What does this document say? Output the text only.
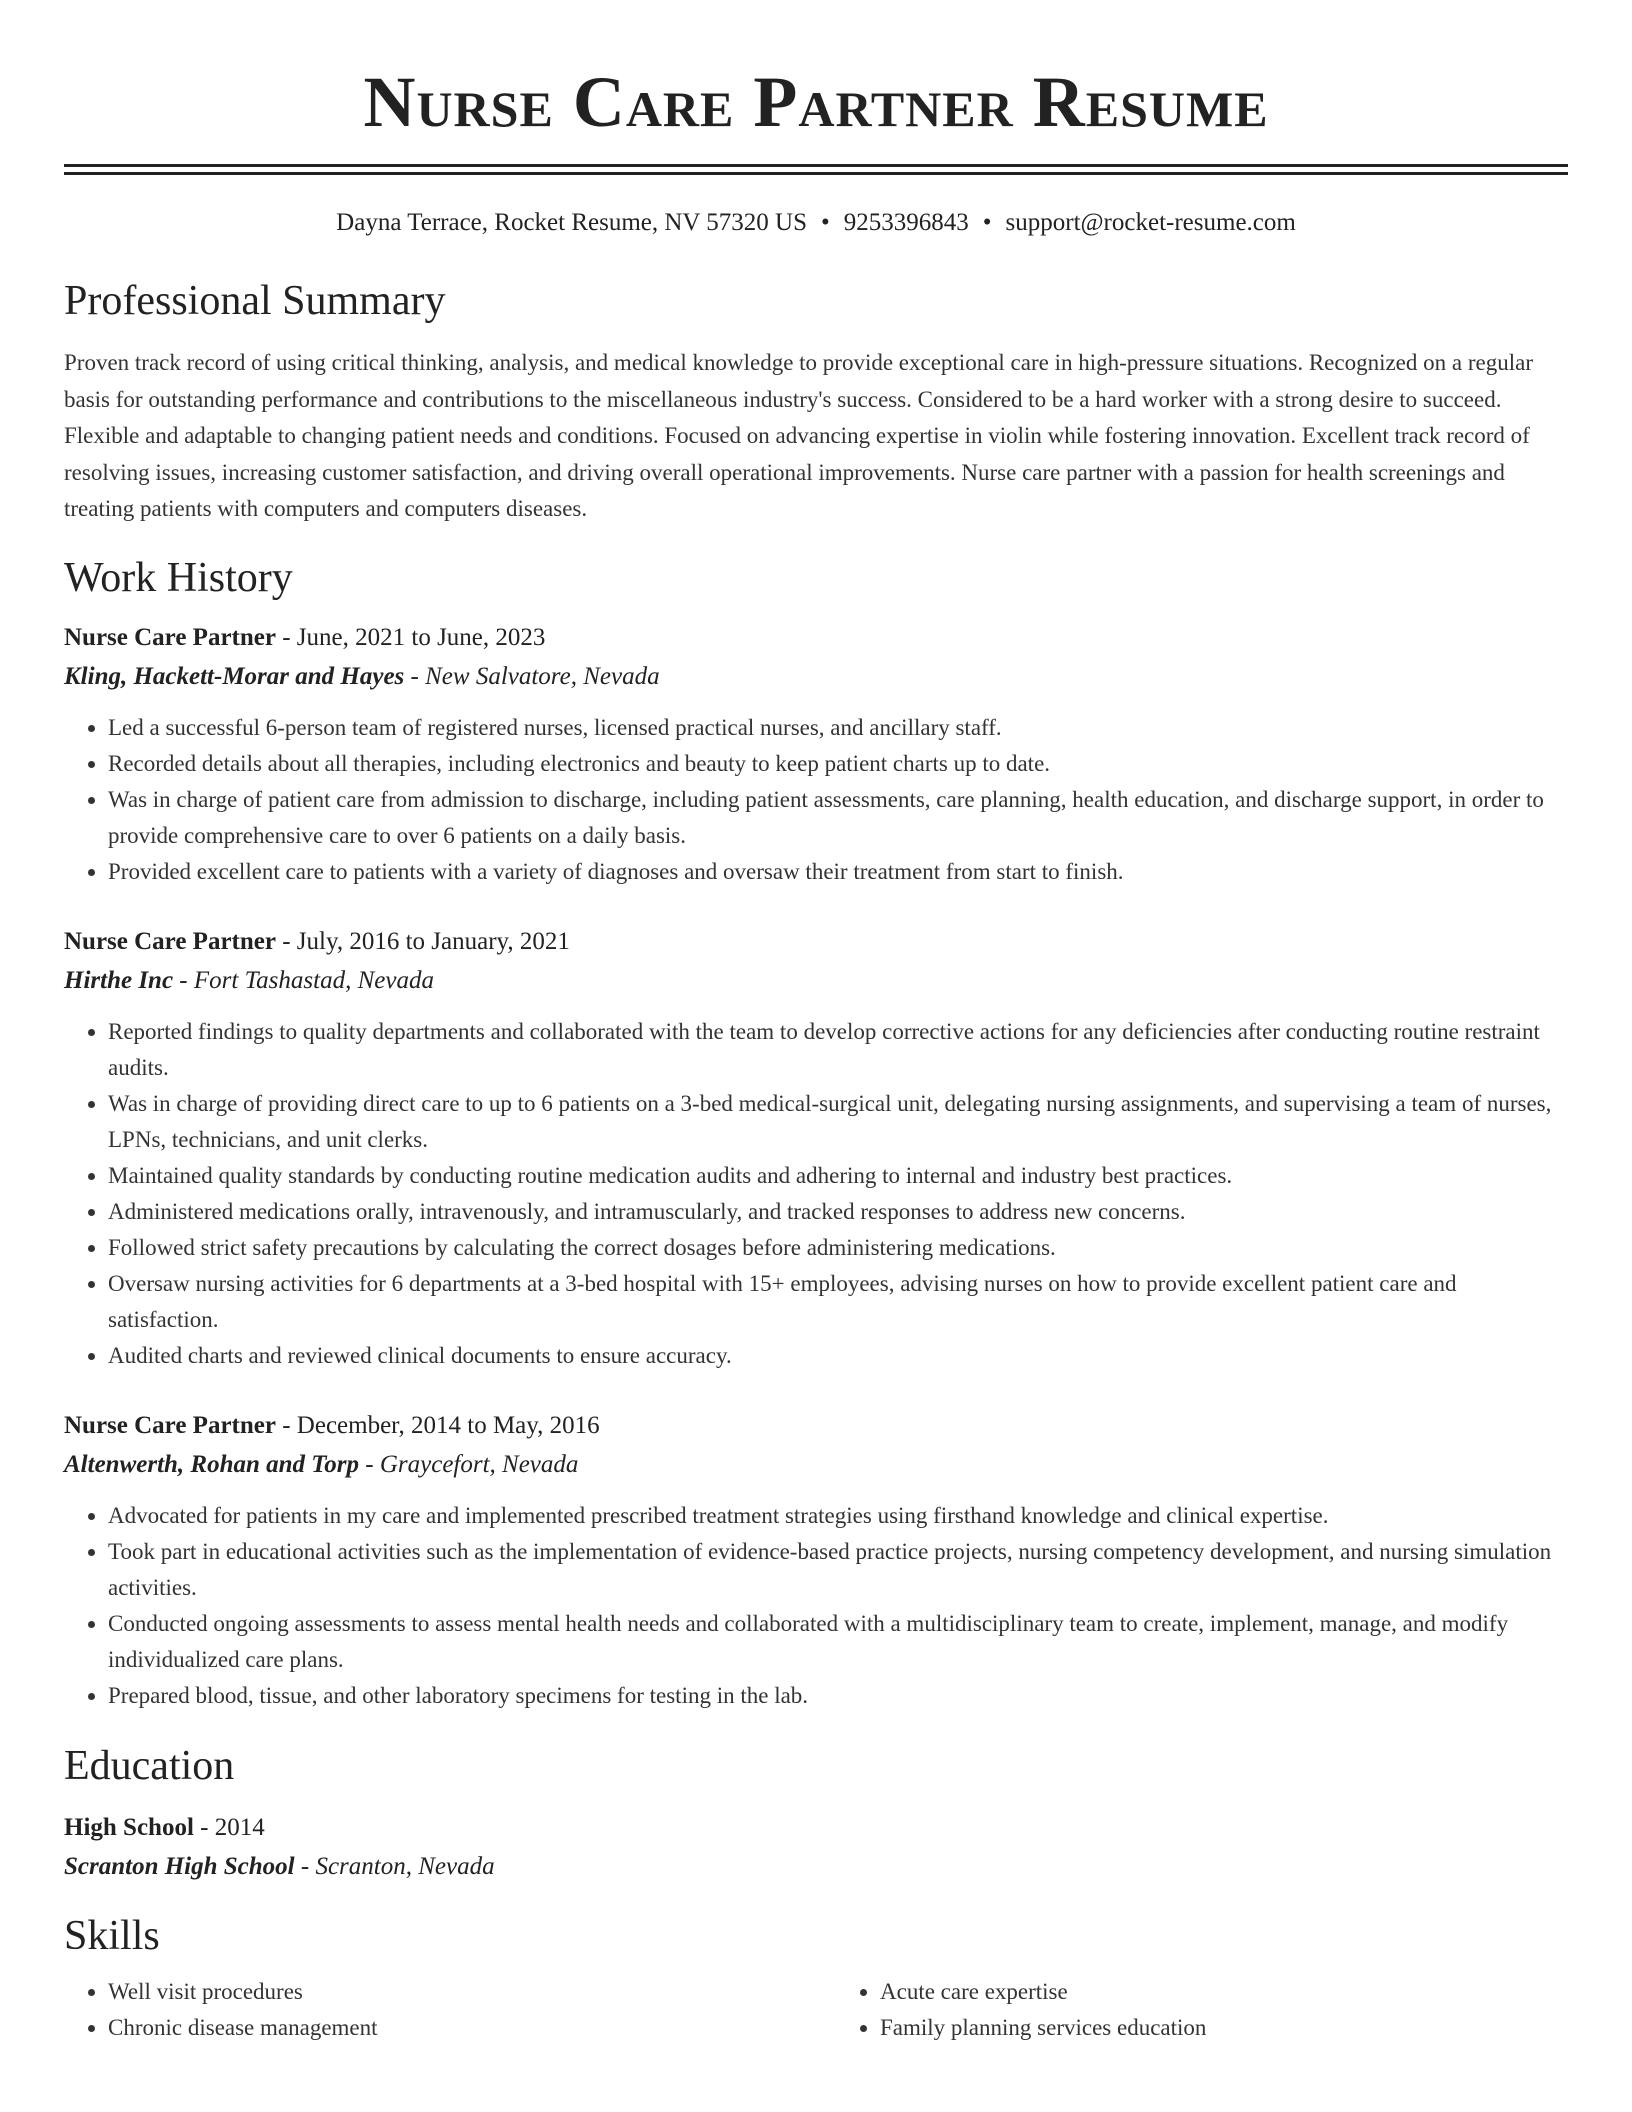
Nurse Care Partner Resume
Dayna Terrace, Rocket Resume, NV 57320 US • 9253396843 • support@rocket-resume.com
Professional Summary

Proven track record of using critical thinking, analysis, and medical knowledge to provide exceptional care in high-pressure situations. Recognized on a regular basis for outstanding performance and contributions to the miscellaneous industry's success. Considered to be a hard worker with a strong desire to succeed. Flexible and adaptable to changing patient needs and conditions. Focused on advancing expertise in violin while fostering innovation. Excellent track record of resolving issues, increasing customer satisfaction, and driving overall operational improvements. Nurse care partner with a passion for health screenings and treating patients with computers and computers diseases.

Work History
Nurse Care Partner - June, 2021 to June, 2023
Kling, Hackett-Morar and Hayes - New Salvatore, Nevada
• Led a successful 6-person team of registered nurses, licensed practical nurses, and ancillary staff.
• Recorded details about all therapies, including electronics and beauty to keep patient charts up to date.
• Was in charge of patient care from admission to discharge, including patient assessments, care planning, health education, and discharge support, in order to provide comprehensive care to over 6 patients on a daily basis.
• Provided excellent care to patients with a variety of diagnoses and oversaw their treatment from start to finish.
Nurse Care Partner - July, 2016 to January, 2021
Hirthe Inc - Fort Tashastad, Nevada
• Reported findings to quality departments and collaborated with the team to develop corrective actions for any deficiencies after conducting routine restraint audits.
• Was in charge of providing direct care to up to 6 patients on a 3-bed medical-surgical unit, delegating nursing assignments, and supervising a team of nurses, LPNs, technicians, and unit clerks.
• Maintained quality standards by conducting routine medication audits and adhering to internal and industry best practices.
• Administered medications orally, intravenously, and intramuscularly, and tracked responses to address new concerns.
• Followed strict safety precautions by calculating the correct dosages before administering medications.
• Oversaw nursing activities for 6 departments at a 3-bed hospital with 15+ employees, advising nurses on how to provide excellent patient care and satisfaction.
• Audited charts and reviewed clinical documents to ensure accuracy.
Nurse Care Partner - December, 2014 to May, 2016
Altenwerth, Rohan and Torp - Graycefort, Nevada
• Advocated for patients in my care and implemented prescribed treatment strategies using firsthand knowledge and clinical expertise.
• Took part in educational activities such as the implementation of evidence-based practice projects, nursing competency development, and nursing simulation activities.
• Conducted ongoing assessments to assess mental health needs and collaborated with a multidisciplinary team to create, implement, manage, and modify individualized care plans.
• Prepared blood, tissue, and other laboratory specimens for testing in the lab.
Education
High School - 2014
Scranton High School - Scranton, Nevada
Skills
• Well visit procedures
• Chronic disease management
• Acute care expertise
• Family planning services education
